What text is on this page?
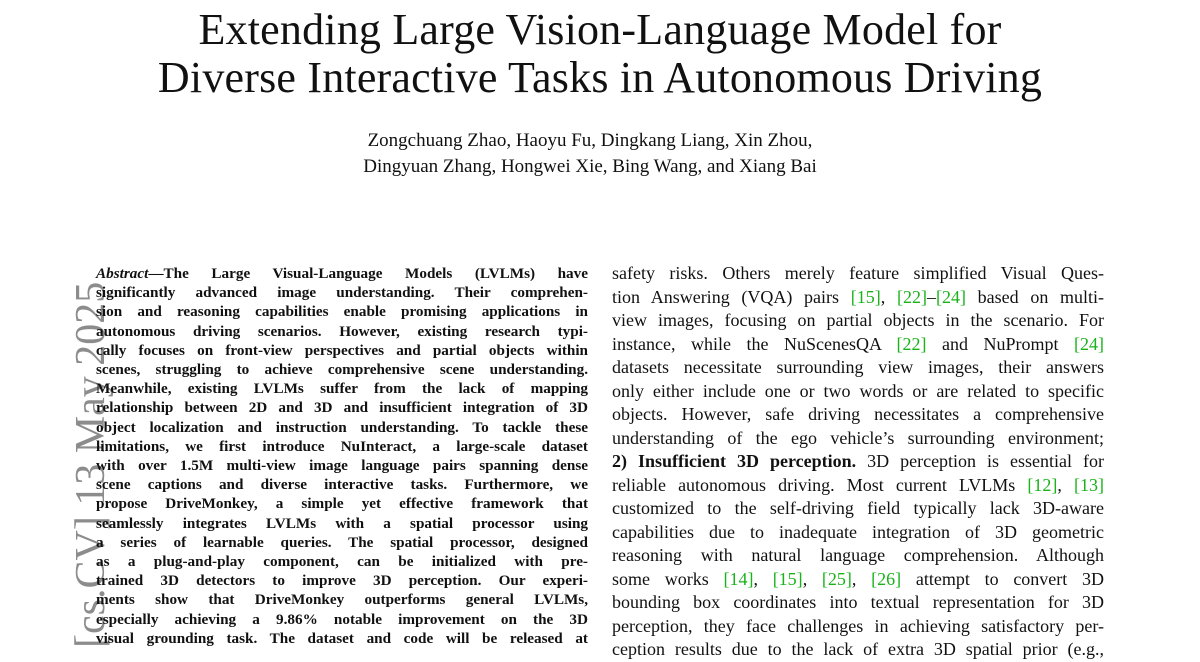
Extending Large Vision-Language Model for
Diverse Interactive Tasks in Autonomous Driving
Zongchuang Zhao, Haoyu Fu, Dingkang Liang, Xin Zhou,
Dingyuan Zhang, Hongwei Xie, Bing Wang, and Xiang Bai
[cs.CV] 13 May 2025
Abstract—The Large Visual-Language Models (LVLMs) have
significantly advanced image understanding. Their comprehen-
sion and reasoning capabilities enable promising applications in
autonomous driving scenarios. However, existing research typi-
cally focuses on front-view perspectives and partial objects within
scenes, struggling to achieve comprehensive scene understanding.
Meanwhile, existing LVLMs suffer from the lack of mapping
relationship between 2D and 3D and insufficient integration of 3D
object localization and instruction understanding. To tackle these
limitations, we first introduce NuInteract, a large-scale dataset
with over 1.5M multi-view image language pairs spanning dense
scene captions and diverse interactive tasks. Furthermore, we
propose DriveMonkey, a simple yet effective framework that
seamlessly integrates LVLMs with a spatial processor using
a series of learnable queries. The spatial processor, designed
as a plug-and-play component, can be initialized with pre-
trained 3D detectors to improve 3D perception. Our experi-
ments show that DriveMonkey outperforms general LVLMs,
especially achieving a 9.86% notable improvement on the 3D
visual grounding task. The dataset and code will be released at
safety risks. Others merely feature simplified Visual Ques-
tion Answering (VQA) pairs [15], [22]–[24] based on multi-
view images, focusing on partial objects in the scenario. For
instance, while the NuScenesQA [22] and NuPrompt [24]
datasets necessitate surrounding view images, their answers
only either include one or two words or are related to specific
objects. However, safe driving necessitates a comprehensive
understanding of the ego vehicle’s surrounding environment;
2) Insufficient 3D perception. 3D perception is essential for
reliable autonomous driving. Most current LVLMs [12], [13]
customized to the self-driving field typically lack 3D-aware
capabilities due to inadequate integration of 3D geometric
reasoning with natural language comprehension. Although
some works [14], [15], [25], [26] attempt to convert 3D
bounding box coordinates into textual representation for 3D
perception, they face challenges in achieving satisfactory per-
ception results due to the lack of extra 3D spatial prior (e.g.,
